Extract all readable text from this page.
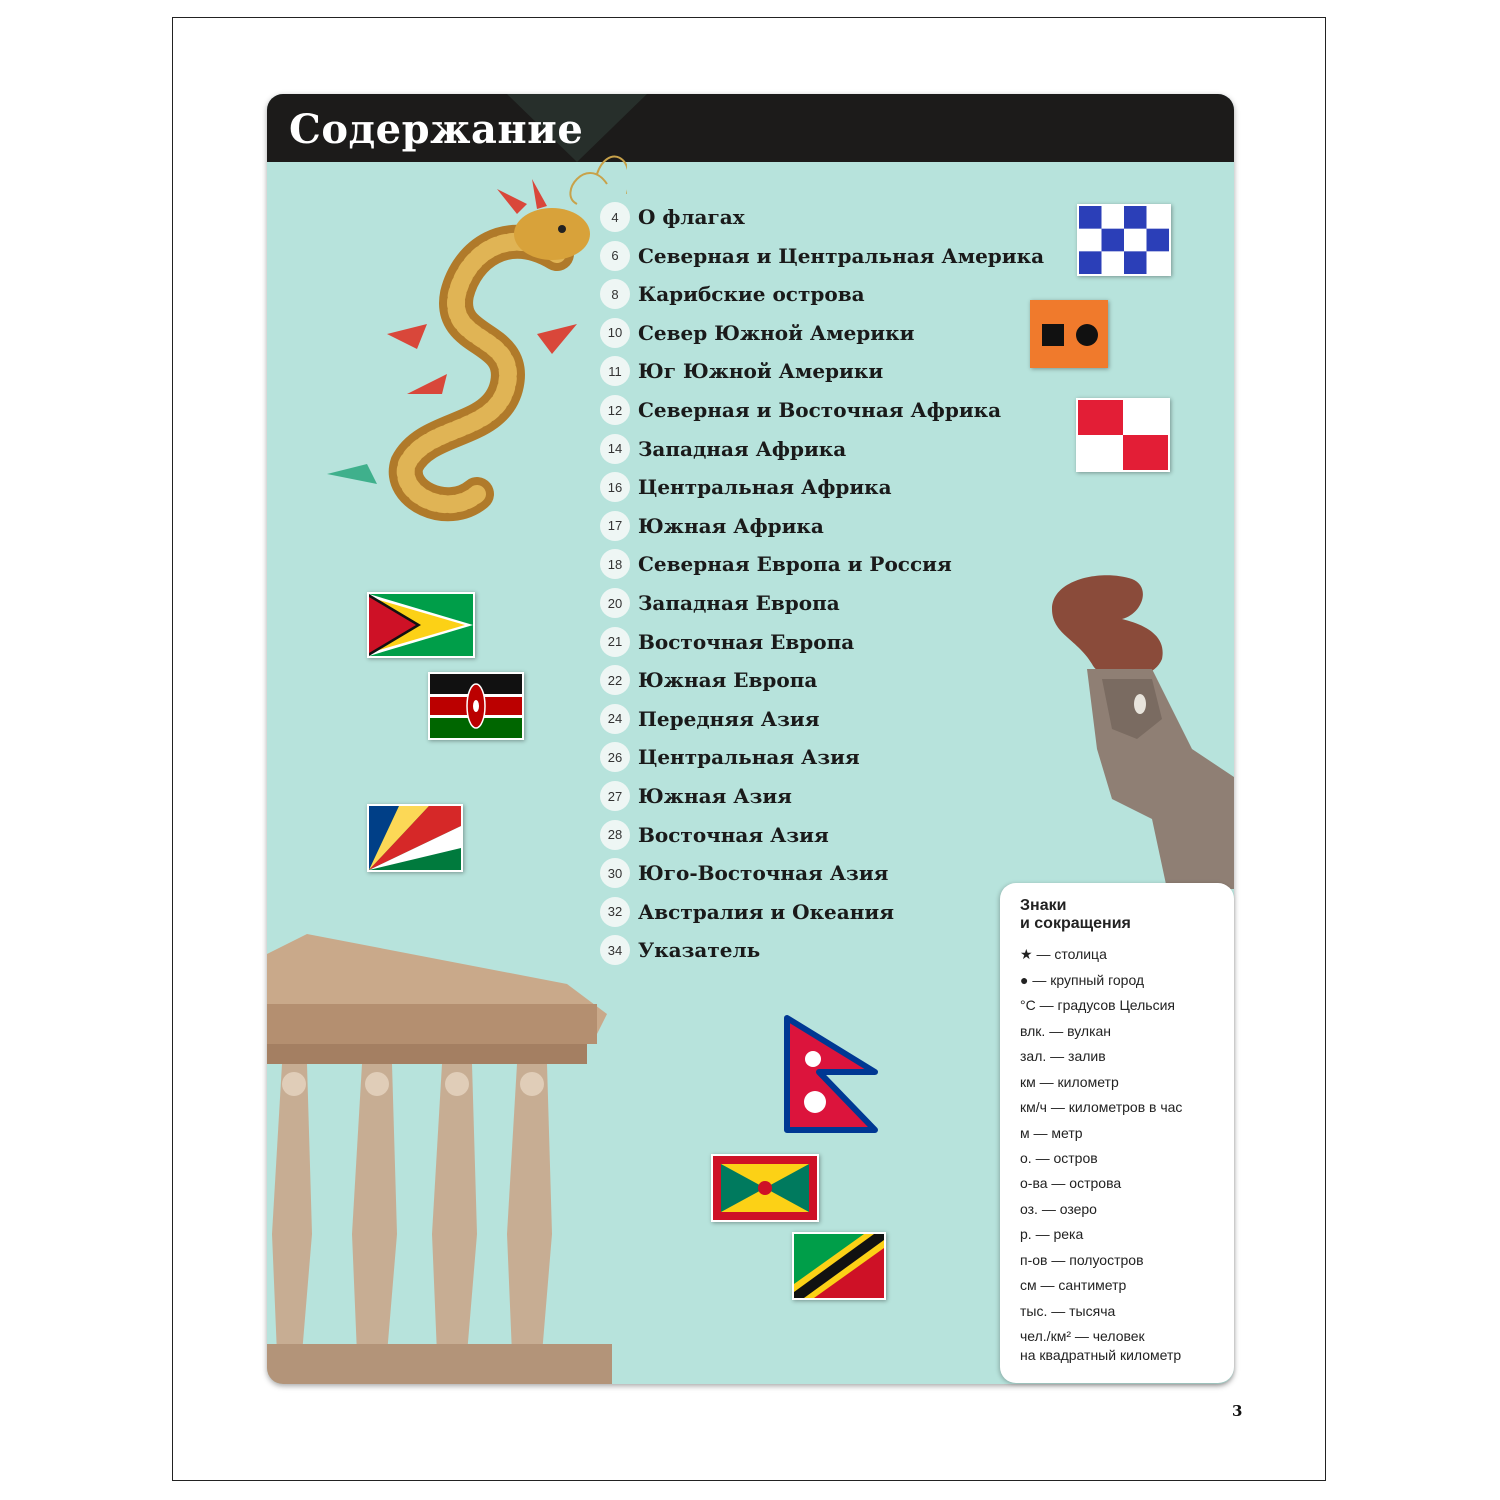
Содержание
4 О флагах
6 Северная и Центральная Америка
8 Карибские острова
10 Север Южной Америки
11 Юг Южной Америки
12 Северная и Восточная Африка
14 Западная Африка
16 Центральная Африка
17 Южная Африка
18 Северная Европа и Россия
20 Западная Европа
21 Восточная Европа
22 Южная Европа
24 Передняя Азия
26 Центральная Азия
27 Южная Азия
28 Восточная Азия
30 Юго-Восточная Азия
32 Австралия и Океания
34 Указатель
Знаки
и сокращения
★ — столица
● — крупный город
°С — градусов Цельсия
влк. — вулкан
зал. — залив
км — километр
км/ч — километров в час
м — метр
о. — остров
о-ва — острова
оз. — озеро
р. — река
п-ов — полуостров
см — сантиметр
тыс. — тысяча
чел./км² — человек
на квадратный километр
3
